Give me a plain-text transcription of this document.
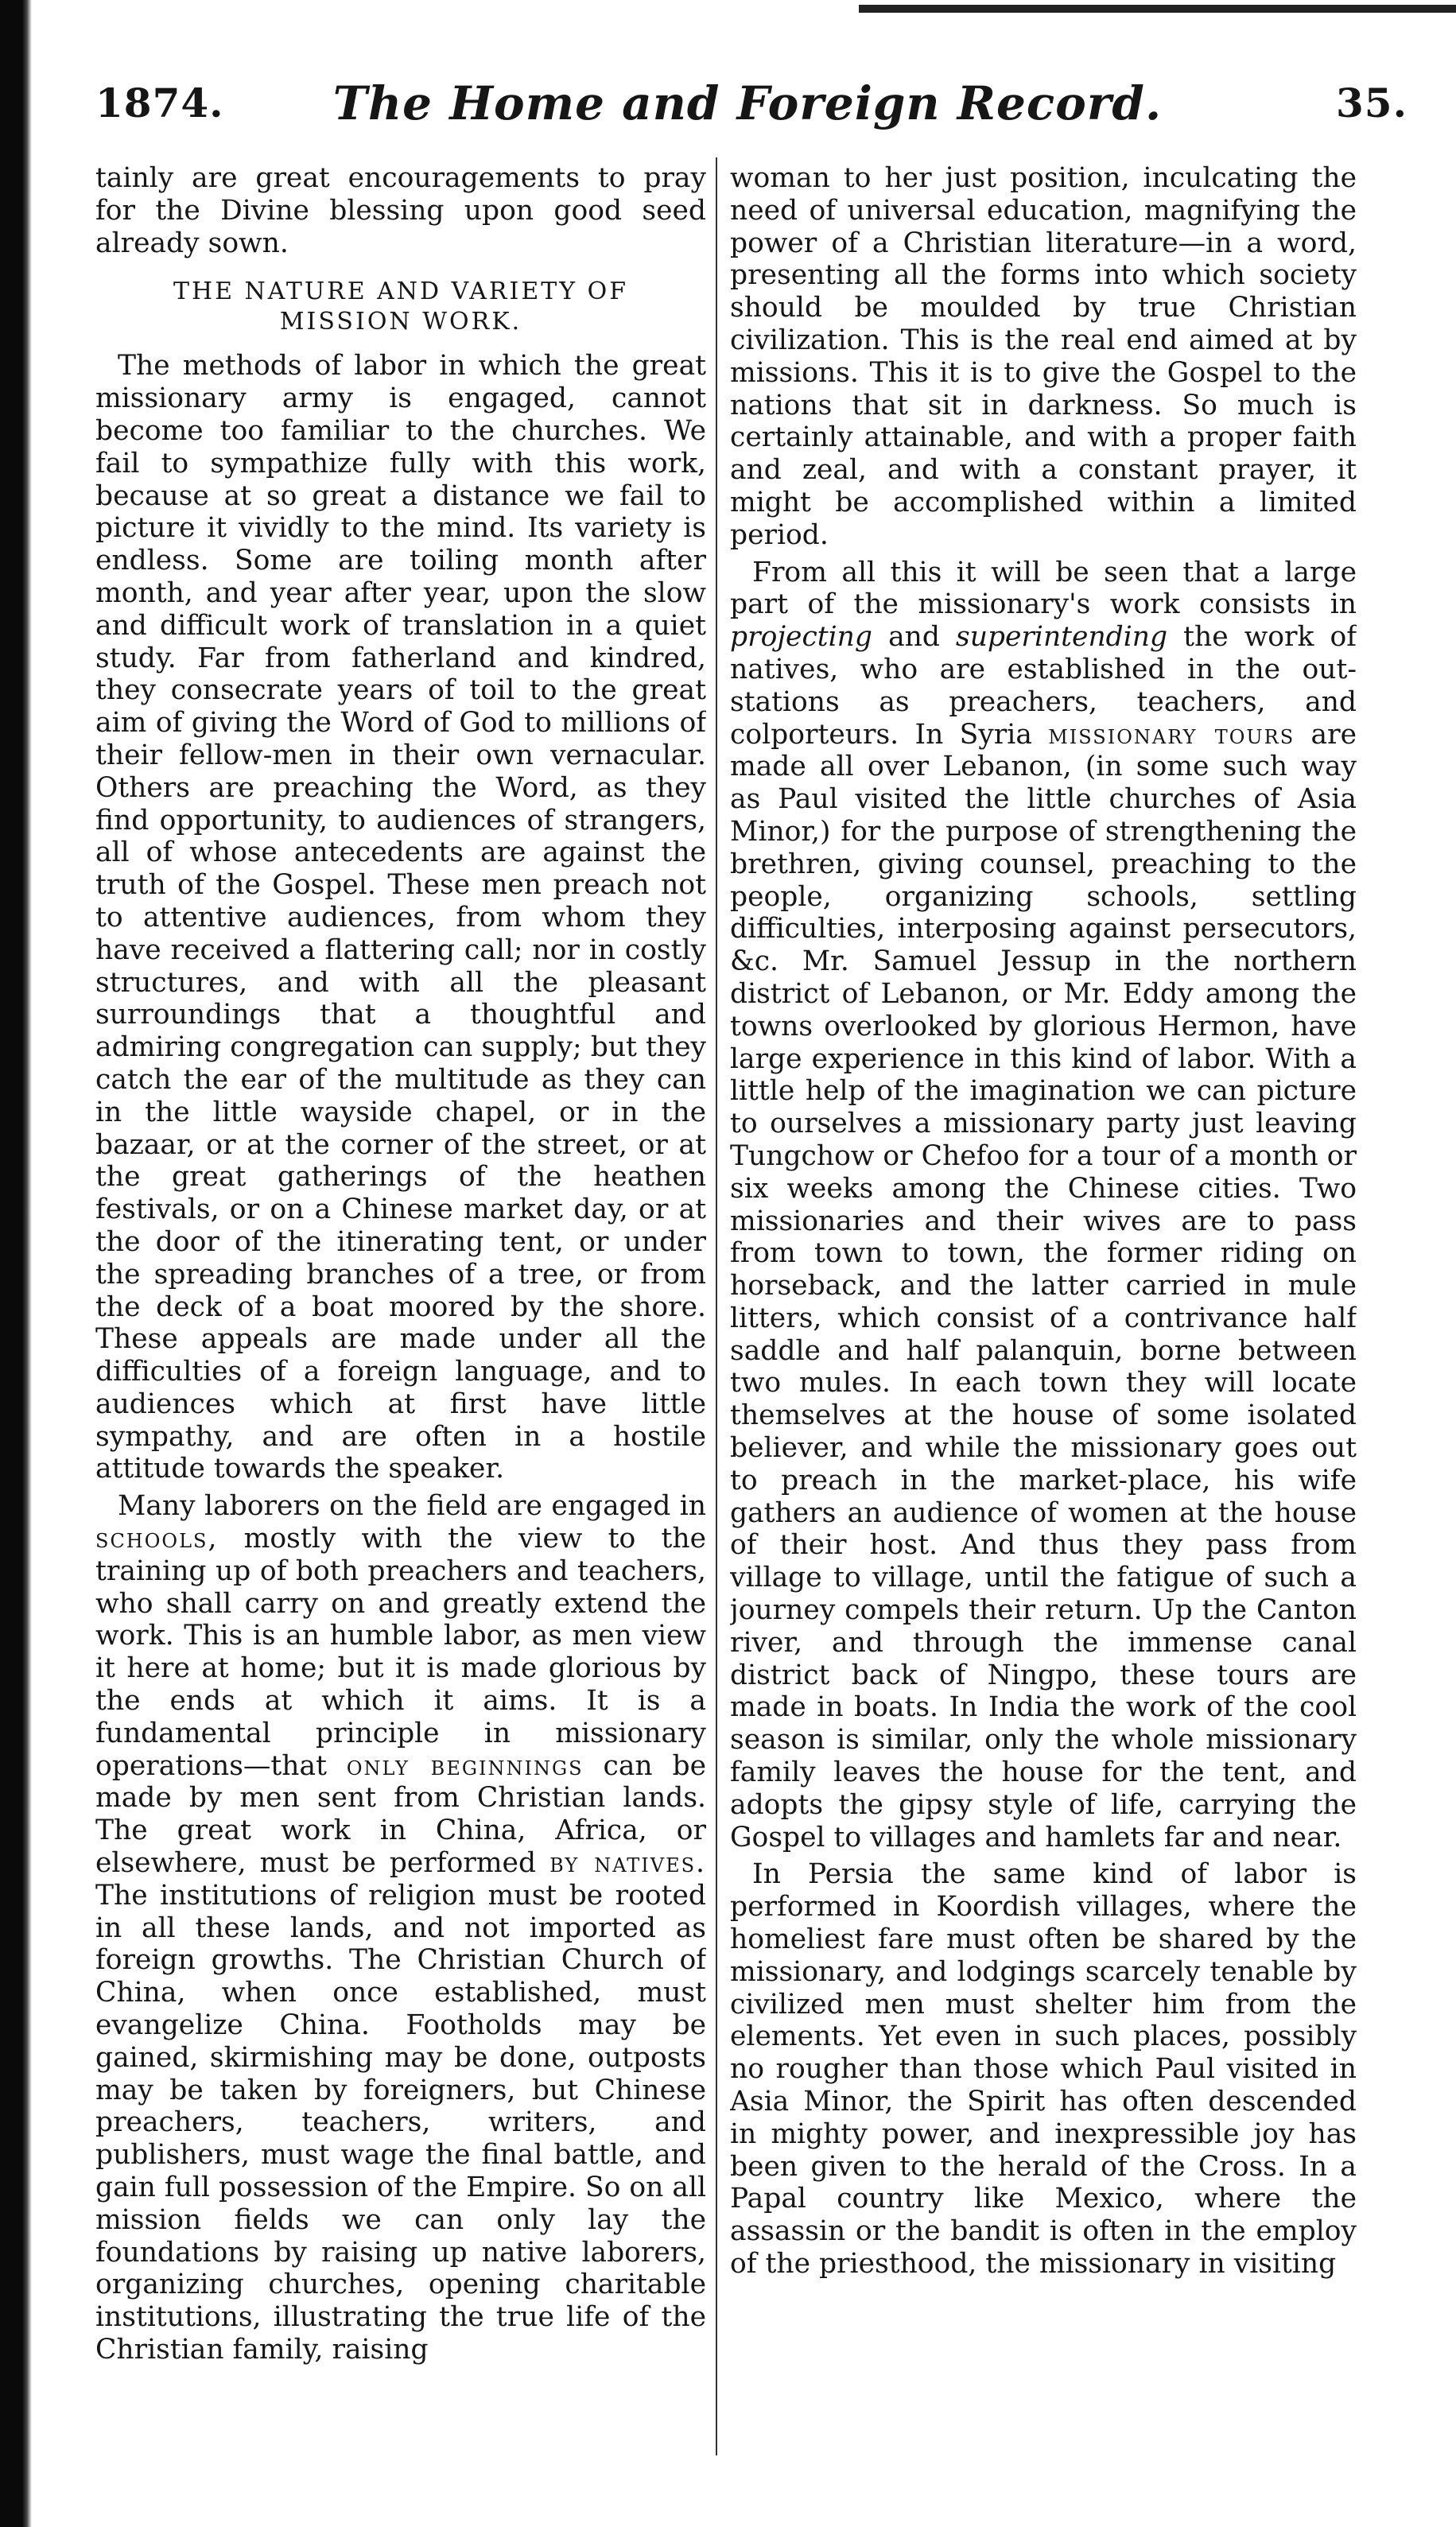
1874.	The Home and Foreign Record.	35.

tainly are great encouragements to pray for the Divine blessing upon good seed already sown.

THE NATURE AND VARIETY OF MISSION WORK.

The methods of labor in which the great missionary army is engaged, cannot become too familiar to the churches. We fail to sympathize fully with this work, because at so great a distance we fail to picture it vividly to the mind. Its variety is endless. Some are toiling month after month, and year after year, upon the slow and difficult work of translation in a quiet study. Far from fatherland and kindred, they consecrate years of toil to the great aim of giving the Word of God to millions of their fellow-men in their own vernacular. Others are preaching the Word, as they find opportunity, to audiences of strangers, all of whose antecedents are against the truth of the Gospel. These men preach not to attentive audiences, from whom they have received a flattering call; nor in costly structures, and with all the pleasant surroundings that a thoughtful and admiring congregation can supply; but they catch the ear of the multitude as they can in the little wayside chapel, or in the bazaar, or at the corner of the street, or at the great gatherings of the heathen festivals, or on a Chinese market day, or at the door of the itinerating tent, or under the spreading branches of a tree, or from the deck of a boat moored by the shore. These appeals are made under all the difficulties of a foreign language, and to audiences which at first have little sympathy, and are often in a hostile attitude towards the speaker.

Many laborers on the field are engaged in schools, mostly with the view to the training up of both preachers and teachers, who shall carry on and greatly extend the work. This is an humble labor, as men view it here at home; but it is made glorious by the ends at which it aims. It is a fundamental principle in missionary operations—that only beginnings can be made by men sent from Christian lands. The great work in China, Africa, or elsewhere, must be performed by natives. The institutions of religion must be rooted in all these lands, and not imported as foreign growths. The Christian Church of China, when once established, must evangelize China. Footholds may be gained, skirmishing may be done, outposts may be taken by foreigners, but Chinese preachers, teachers, writers, and publishers, must wage the final battle, and gain full possession of the Empire. So on all mission fields we can only lay the foundations by raising up native laborers, organizing churches, opening charitable institutions, illustrating the true life of the Christian family, raising

woman to her just position, inculcating the need of universal education, magnifying the power of a Christian literature—in a word, presenting all the forms into which society should be moulded by true Christian civilization. This is the real end aimed at by missions. This it is to give the Gospel to the nations that sit in darkness. So much is certainly attainable, and with a proper faith and zeal, and with a constant prayer, it might be accomplished within a limited period.

From all this it will be seen that a large part of the missionary's work consists in projecting and superintending the work of natives, who are established in the out-stations as preachers, teachers, and colporteurs. In Syria missionary tours are made all over Lebanon, (in some such way as Paul visited the little churches of Asia Minor,) for the purpose of strengthening the brethren, giving counsel, preaching to the people, organizing schools, settling difficulties, interposing against persecutors, &c. Mr. Samuel Jessup in the northern district of Lebanon, or Mr. Eddy among the towns overlooked by glorious Hermon, have large experience in this kind of labor. With a little help of the imagination we can picture to ourselves a missionary party just leaving Tungchow or Chefoo for a tour of a month or six weeks among the Chinese cities. Two missionaries and their wives are to pass from town to town, the former riding on horseback, and the latter carried in mule litters, which consist of a contrivance half saddle and half palanquin, borne between two mules. In each town they will locate themselves at the house of some isolated believer, and while the missionary goes out to preach in the market-place, his wife gathers an audience of women at the house of their host. And thus they pass from village to village, until the fatigue of such a journey compels their return. Up the Canton river, and through the immense canal district back of Ningpo, these tours are made in boats. In India the work of the cool season is similar, only the whole missionary family leaves the house for the tent, and adopts the gipsy style of life, carrying the Gospel to villages and hamlets far and near.

In Persia the same kind of labor is performed in Koordish villages, where the homeliest fare must often be shared by the missionary, and lodgings scarcely tenable by civilized men must shelter him from the elements. Yet even in such places, possibly no rougher than those which Paul visited in Asia Minor, the Spirit has often descended in mighty power, and inexpressible joy has been given to the herald of the Cross. In a Papal country like Mexico, where the assassin or the bandit is often in the employ of the priesthood, the missionary in visiting
